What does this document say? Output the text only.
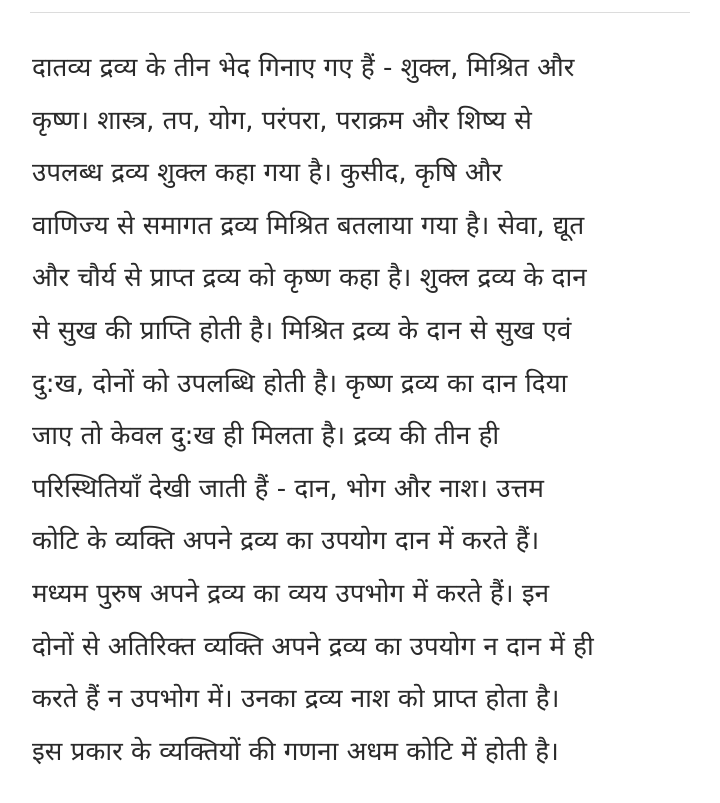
दातव्य द्रव्य के तीन भेद गिनाए गए हैं - शुक्ल, मिश्रित और
कृष्ण। शास्त्र, तप, योग, परंपरा, पराक्रम और शिष्य से
उपलब्ध द्रव्य शुक्ल कहा गया है। कुसीद, कृषि और
वाणिज्य से समागत द्रव्य मिश्रित बतलाया गया है। सेवा, द्यूत
और चौर्य से प्राप्त द्रव्य को कृष्ण कहा है। शुक्ल द्रव्य के दान
से सुख की प्राप्ति होती है। मिश्रित द्रव्य के दान से सुख एवं
दु:ख, दोनों को उपलब्धि होती है। कृष्ण द्रव्य का दान दिया
जाए तो केवल दु:ख ही मिलता है। द्रव्य की तीन ही
परिस्थितियाँ देखी जाती हैं - दान, भोग और नाश। उत्तम
कोटि के व्यक्ति अपने द्रव्य का उपयोग दान में करते हैं।
मध्यम पुरुष अपने द्रव्य का व्यय उपभोग में करते हैं। इन
दोनों से अतिरिक्त व्यक्ति अपने द्रव्य का उपयोग न दान में ही
करते हैं न उपभोग में। उनका द्रव्य नाश को प्राप्त होता है।
इस प्रकार के व्यक्तियों की गणना अधम कोटि में होती है।
